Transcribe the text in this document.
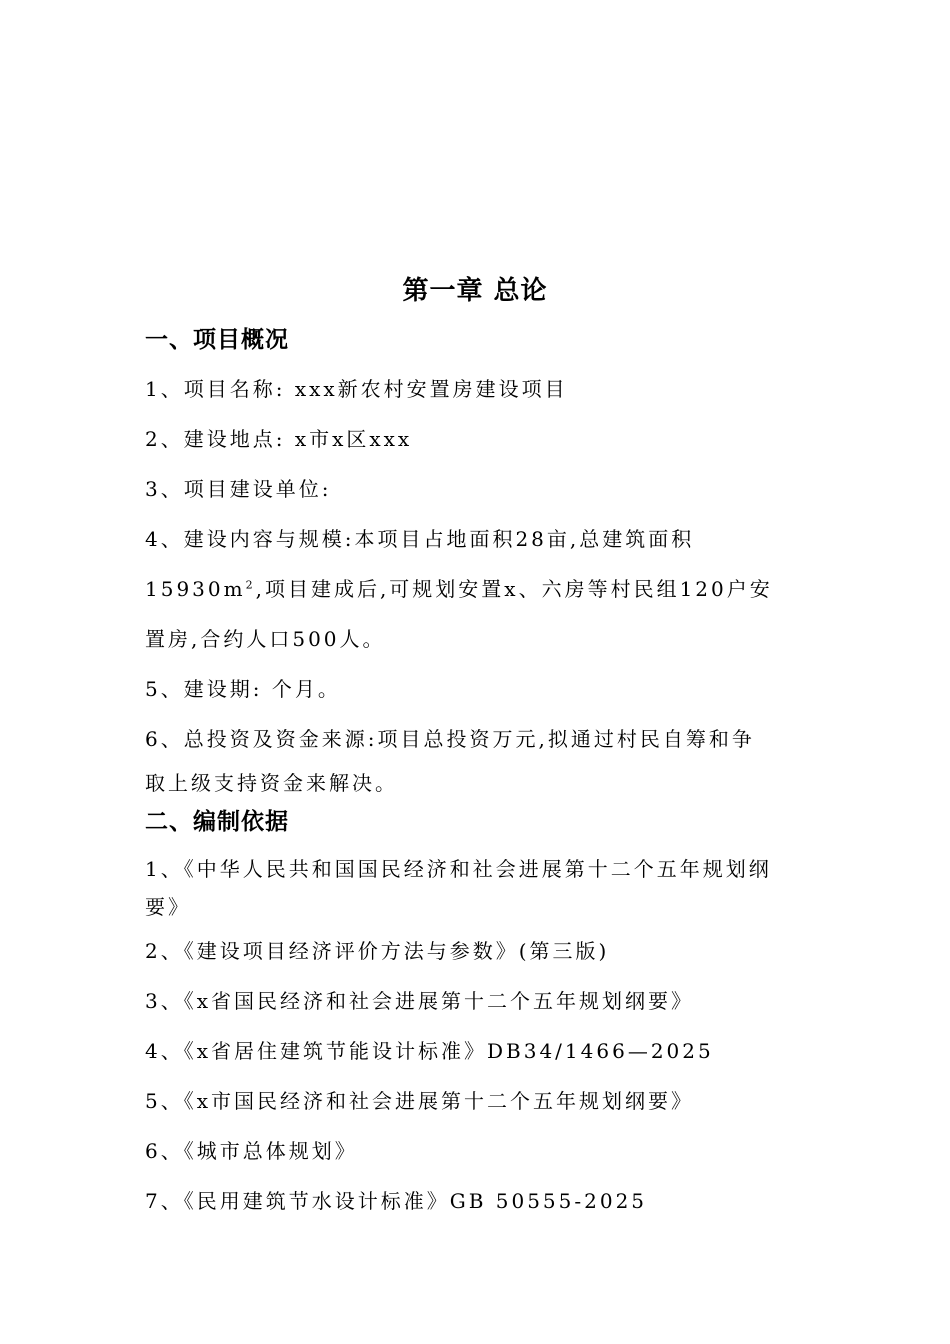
第一章 总论
一、项目概况
1、项目名称: xxx新农村安置房建设项目
2、建设地点: x市x区xxx
3、项目建设单位:
4、建设内容与规模:本项目占地面积28亩,总建筑面积
$15930m^2$,项目建成后,可规划安置x、六房等村民组120户安
置房,合约人口500人。
5、建设期: 个月。
6、总投资及资金来源:项目总投资万元,拟通过村民自筹和争
取上级支持资金来解决。
二、编制依据
1、《中华人民共和国国民经济和社会进展第十二个五年规划纲
要》
2、《建设项目经济评价方法与参数》(第三版)
3、《x省国民经济和社会进展第十二个五年规划纲要》
4、《x省居住建筑节能设计标准》DB34/1466—2025
5、《x市国民经济和社会进展第十二个五年规划纲要》
6、《城市总体规划》
7、《民用建筑节水设计标准》GB 50555-2025
